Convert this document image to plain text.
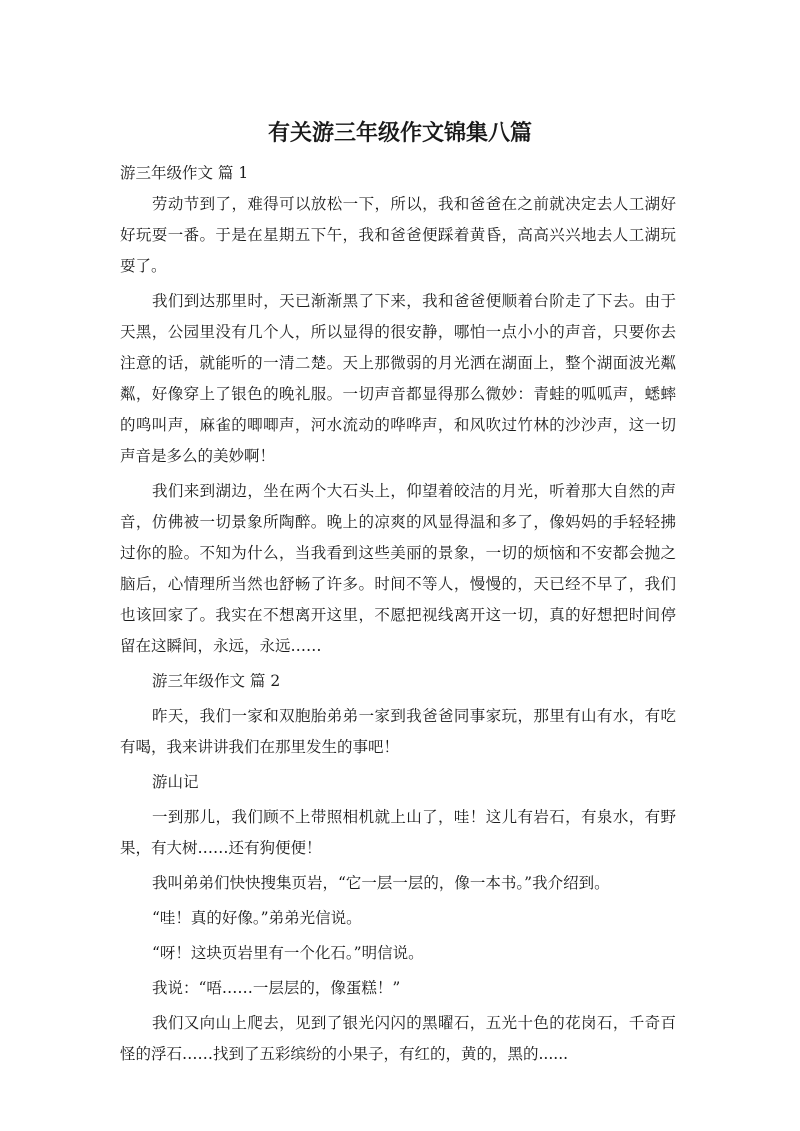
有关游三年级作文锦集八篇

游三年级作文 篇 1

劳动节到了，难得可以放松一下，所以，我和爸爸在之前就决定去人工湖好好玩耍一番。于是在星期五下午，我和爸爸便踩着黄昏，高高兴兴地去人工湖玩耍了。

我们到达那里时，天已渐渐黑了下来，我和爸爸便顺着台阶走了下去。由于天黑，公园里没有几个人，所以显得的很安静，哪怕一点小小的声音，只要你去注意的话，就能听的一清二楚。天上那微弱的月光洒在湖面上，整个湖面波光粼粼，好像穿上了银色的晚礼服。一切声音都显得那么微妙：青蛙的呱呱声，蟋蟀的鸣叫声，麻雀的唧唧声，河水流动的哗哗声，和风吹过竹林的沙沙声，这一切声音是多么的美妙啊！

我们来到湖边，坐在两个大石头上，仰望着皎洁的月光，听着那大自然的声音，仿佛被一切景象所陶醉。晚上的凉爽的风显得温和多了，像妈妈的手轻轻拂过你的脸。不知为什么，当我看到这些美丽的景象，一切的烦恼和不安都会抛之脑后，心情理所当然也舒畅了许多。时间不等人，慢慢的，天已经不早了，我们也该回家了。我实在不想离开这里，不愿把视线离开这一切，真的好想把时间停留在这瞬间，永远，永远……

游三年级作文 篇 2

昨天，我们一家和双胞胎弟弟一家到我爸爸同事家玩，那里有山有水，有吃有喝，我来讲讲我们在那里发生的事吧！

游山记

一到那儿，我们顾不上带照相机就上山了，哇！这儿有岩石，有泉水，有野果，有大树……还有狗便便！

我叫弟弟们快快搜集页岩，“它一层一层的，像一本书。”我介绍到。

“哇！真的好像。”弟弟光信说。

“呀！这块页岩里有一个化石。”明信说。

我说：“唔……一层层的，像蛋糕！”

我们又向山上爬去，见到了银光闪闪的黑曜石，五光十色的花岗石，千奇百怪的浮石……找到了五彩缤纷的小果子，有红的，黄的，黑的......
